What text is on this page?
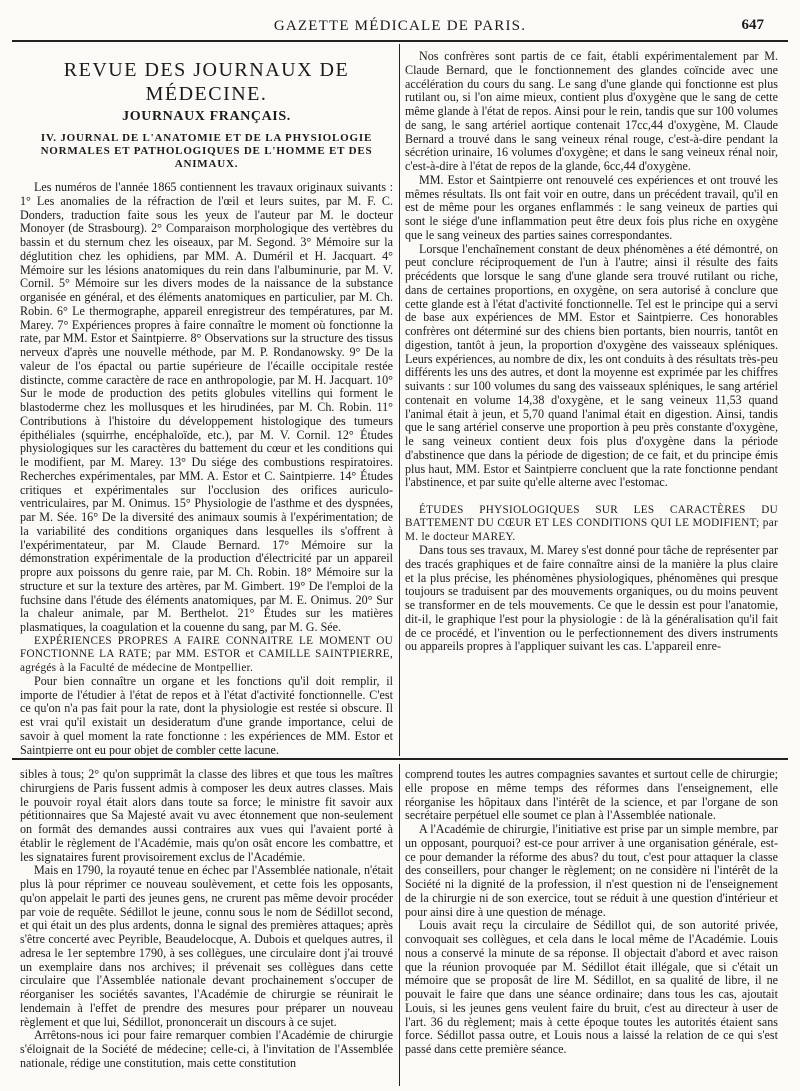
GAZETTE MÉDICALE DE PARIS.	647
REVUE DES JOURNAUX DE MÉDECINE.
JOURNAUX FRANÇAIS.
IV. JOURNAL DE L'ANATOMIE ET DE LA PHYSIOLOGIE NORMALES ET PATHOLOGIQUES DE L'HOMME ET DES ANIMAUX.

Les numéros de l'année 1865 contiennent les travaux originaux suivants : 1° Les anomalies de la réfraction de l'œil et leurs suites, par M. F. C. Donders, traduction faite sous les yeux de l'auteur par M. le docteur Monoyer (de Strasbourg). 2° Comparaison morphologique des vertèbres du bassin et du sternum chez les oiseaux, par M. Segond. 3° Mémoire sur la déglutition chez les ophidiens, par MM. A. Duméril et H. Jacquart. 4° Mémoire sur les lésions anatomiques du rein dans l'albuminurie, par M. V. Cornil. 5° Mémoire sur les divers modes de la naissance de la substance organisée en général, et des éléments anatomiques en particulier, par M. Ch. Robin. 6° Le thermographe, appareil enregistreur des températures, par M. Marey. 7° Expériences propres à faire connaître le moment où fonctionne la rate, par MM. Estor et Saintpierre. 8° Observations sur la structure des tissus nerveux d'après une nouvelle méthode, par M. P. Rondanowsky. 9° De la valeur de l'os épactal ou partie supérieure de l'écaille occipitale restée distincte, comme caractère de race en anthropologie, par M. H. Jacquart. 10° Sur le mode de production des petits globules vitellins qui forment le blastoderme chez les mollusques et les hirudinées, par M. Ch. Robin. 11° Contributions à l'histoire du développement histologique des tumeurs épithéliales (squirrhe, encéphaloïde, etc.), par M. V. Cornil. 12° Études physiologiques sur les caractères du battement du cœur et les conditions qui le modifient, par M. Marey. 13° Du siége des combustions respiratoires. Recherches expérimentales, par MM. A. Estor et C. Saintpierre. 14° Études critiques et expérimentales sur l'occlusion des orifices auriculo-ventriculaires, par M. Onimus. 15° Physiologie de l'asthme et des dyspnées, par M. Sée. 16° De la diversité des animaux soumis à l'expérimentation; de la variabilité des conditions organiques dans lesquelles ils s'offrent à l'expérimentateur, par M. Claude Bernard. 17° Mémoire sur la démonstration expérimentale de la production d'électricité par un appareil propre aux poissons du genre raie, par M. Ch. Robin. 18° Mémoire sur la structure et sur la texture des artères, par M. Gimbert. 19° De l'emploi de la fuchsine dans l'étude des éléments anatomiques, par M. E. Onimus. 20° Sur la chaleur animale, par M. Berthelot. 21° Études sur les matières plasmatiques, la coagulation et la couenne du sang, par M. G. Sée.

EXPÉRIENCES PROPRES A FAIRE CONNAITRE LE MOMENT OU FONCTIONNE LA RATE; par MM. ESTOR et CAMILLE SAINTPIERRE, agrégés à la Faculté de médecine de Montpellier.

Pour bien connaître un organe et les fonctions qu'il doit remplir, il importe de l'étudier à l'état de repos et à l'état d'activité fonctionnelle. C'est ce qu'on n'a pas fait pour la rate, dont la physiologie est restée si obscure. Il est vrai qu'il existait un desideratum d'une grande importance, celui de savoir à quel moment la rate fonctionne : les expériences de MM. Estor et Saintpierre ont eu pour objet de combler cette lacune.

Nos confrères sont partis de ce fait, établi expérimentalement par M. Claude Bernard, que le fonctionnement des glandes coïncide avec une accélération du cours du sang. Le sang d'une glande qui fonctionne est plus rutilant ou, si l'on aime mieux, contient plus d'oxygène que le sang de cette même glande à l'état de repos. Ainsi pour le rein, tandis que sur 100 volumes de sang, le sang artériel aortique contenait 17cc,44 d'oxygène, M. Claude Bernard a trouvé dans le sang veineux rénal rouge, c'est-à-dire pendant la sécrétion urinaire, 16 volumes d'oxygène; et dans le sang veineux rénal noir, c'est-à-dire à l'état de repos de la glande, 6cc,44 d'oxygène.

MM. Estor et Saintpierre ont renouvelé ces expériences et ont trouvé les mêmes résultats. Ils ont fait voir en outre, dans un précédent travail, qu'il en est de même pour les organes enflammés : le sang veineux de parties qui sont le siége d'une inflammation peut être deux fois plus riche en oxygène que le sang veineux des parties saines correspondantes.

Lorsque l'enchaînement constant de deux phénomènes a été démontré, on peut conclure réciproquement de l'un à l'autre; ainsi il résulte des faits précédents que lorsque le sang d'une glande sera trouvé rutilant ou riche, dans de certaines proportions, en oxygène, on sera autorisé à conclure que cette glande est à l'état d'activité fonctionnelle. Tel est le principe qui a servi de base aux expériences de MM. Estor et Saintpierre. Ces honorables confrères ont déterminé sur des chiens bien portants, bien nourris, tantôt en digestion, tantôt à jeun, la proportion d'oxygène des vaisseaux spléniques. Leurs expériences, au nombre de dix, les ont conduits à des résultats très-peu différents les uns des autres, et dont la moyenne est exprimée par les chiffres suivants : sur 100 volumes du sang des vaisseaux spléniques, le sang artériel contenait en volume 14,38 d'oxygène, et le sang veineux 11,53 quand l'animal était à jeun, et 5,70 quand l'animal était en digestion. Ainsi, tandis que le sang artériel conserve une proportion à peu près constante d'oxygène, le sang veineux contient deux fois plus d'oxygène dans la période d'abstinence que dans la période de digestion; de ce fait, et du principe émis plus haut, MM. Estor et Saintpierre concluent que la rate fonctionne pendant l'abstinence, et par suite qu'elle alterne avec l'estomac.

ÉTUDES PHYSIOLOGIQUES SUR LES CARACTÈRES DU BATTEMENT DU CŒUR ET LES CONDITIONS QUI LE MODIFIENT; par M. le docteur MAREY.

Dans tous ses travaux, M. Marey s'est donné pour tâche de représenter par des tracés graphiques et de faire connaître ainsi de la manière la plus claire et la plus précise, les phénomènes physiologiques, phénomènes qui presque toujours se traduisent par des mouvements organiques, ou du moins peuvent se transformer en de tels mouvements. Ce que le dessin est pour l'anatomie, dit-il, le graphique l'est pour la physiologie : de là la généralisation qu'il fait de ce procédé, et l'invention ou le perfectionnement des divers instruments ou appareils propres à l'appliquer suivant les cas. L'appareil enre-

sibles à tous; 2° qu'on supprimât la classe des libres et que tous les maîtres chirurgiens de Paris fussent admis à composer les deux autres classes. Mais le pouvoir royal était alors dans toute sa force; le ministre fit savoir aux pétitionnaires que Sa Majesté avait vu avec étonnement que non-seulement on formât des demandes aussi contraires aux vues qui l'avaient porté à établir le règlement de l'Académie, mais qu'on osât encore les combattre, et les signataires furent provisoirement exclus de l'Académie.

Mais en 1790, la royauté tenue en échec par l'Assemblée nationale, n'était plus là pour réprimer ce nouveau soulèvement, et cette fois les opposants, qu'on appelait le parti des jeunes gens, ne crurent pas même devoir procéder par voie de requête. Sédillot le jeune, connu sous le nom de Sédillot second, et qui était un des plus ardents, donna le signal des premières attaques; après s'être concerté avec Peyrible, Beaudelocque, A. Dubois et quelques autres, il adresa le 1er septembre 1790, à ses collègues, une circulaire dont j'ai trouvé un exemplaire dans nos archives; il prévenait ses collègues dans cette circulaire que l'Assemblée nationale devant prochainement s'occuper de réorganiser les sociétés savantes, l'Académie de chirurgie se réunirait le lendemain à l'effet de prendre des mesures pour préparer un nouveau règlement et que lui, Sédillot, prononcerait un discours à ce sujet.

Arrêtons-nous ici pour faire remarquer combien l'Académie de chirurgie s'éloignait de la Société de médecine; celle-ci, à l'invitation de l'Assemblée nationale, rédige une constitution, mais cette constitution

comprend toutes les autres compagnies savantes et surtout celle de chirurgie; elle propose en même temps des réformes dans l'enseignement, elle réorganise les hôpitaux dans l'intérêt de la science, et par l'organe de son secrétaire perpétuel elle soumet ce plan à l'Assemblée nationale.

A l'Académie de chirurgie, l'initiative est prise par un simple membre, par un opposant, pourquoi? est-ce pour arriver à une organisation générale, est-ce pour demander la réforme des abus? du tout, c'est pour attaquer la classe des conseillers, pour changer le règlement; on ne considère ni l'intérêt de la Société ni la dignité de la profession, il n'est question ni de l'enseignement de la chirurgie ni de son exercice, tout se réduit à une question d'intérieur et pour ainsi dire à une question de ménage.

Louis avait reçu la circulaire de Sédillot qui, de son autorité privée, convoquait ses collègues, et cela dans le local même de l'Académie. Louis nous a conservé la minute de sa réponse. Il objectait d'abord et avec raison que la réunion provoquée par M. Sédillot était illégale, que si c'était un mémoire que se proposât de lire M. Sédillot, en sa qualité de libre, il ne pouvait le faire que dans une séance ordinaire; dans tous les cas, ajoutait Louis, si les jeunes gens veulent faire du bruit, c'est au directeur à user de l'art. 36 du règlement; mais à cette époque toutes les autorités étaient sans force. Sédillot passa outre, et Louis nous a laissé la relation de ce qui s'est passé dans cette première séance.
